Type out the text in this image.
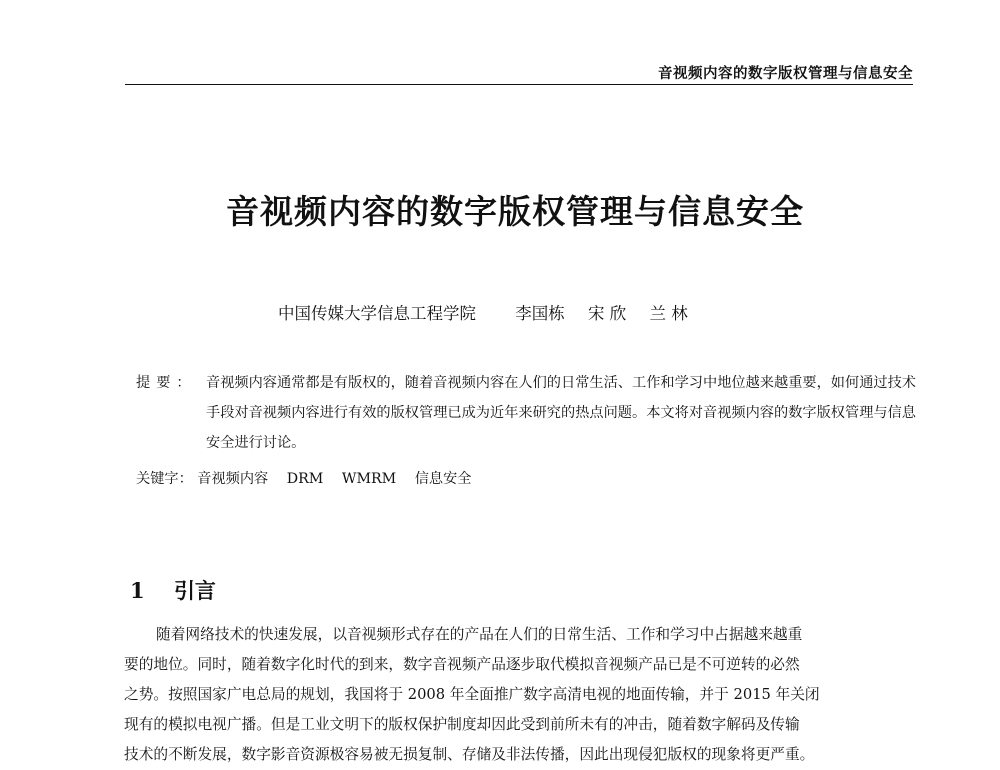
音视频内容的数字版权管理与信息安全
音视频内容的数字版权管理与信息安全
中国传媒大学信息工程学院 李国栋 宋 欣 兰 林
提要： 音视频内容通常都是有版权的，随着音视频内容在人们的日常生活、工作和学习中地位越来越重要，如何通过技术手段对音视频内容进行有效的版权管理已成为近年来研究的热点问题。本文将对音视频内容的数字版权管理与信息安全进行讨论。
关键字： 音视频内容 DRM WMRM 信息安全
1 引言
随着网络技术的快速发展，以音视频形式存在的产品在人们的日常生活、工作和学习中占据越来越重
要的地位。同时，随着数字化时代的到来，数字音视频产品逐步取代模拟音视频产品已是不可逆转的必然
之势。按照国家广电总局的规划，我国将于 2008 年全面推广数字高清电视的地面传输，并于 2015 年关闭
现有的模拟电视广播。但是工业文明下的版权保护制度却因此受到前所未有的冲击，随着数字解码及传输
技术的不断发展，数字影音资源极容易被无损复制、存储及非法传播，因此出现侵犯版权的现象将更严重。
